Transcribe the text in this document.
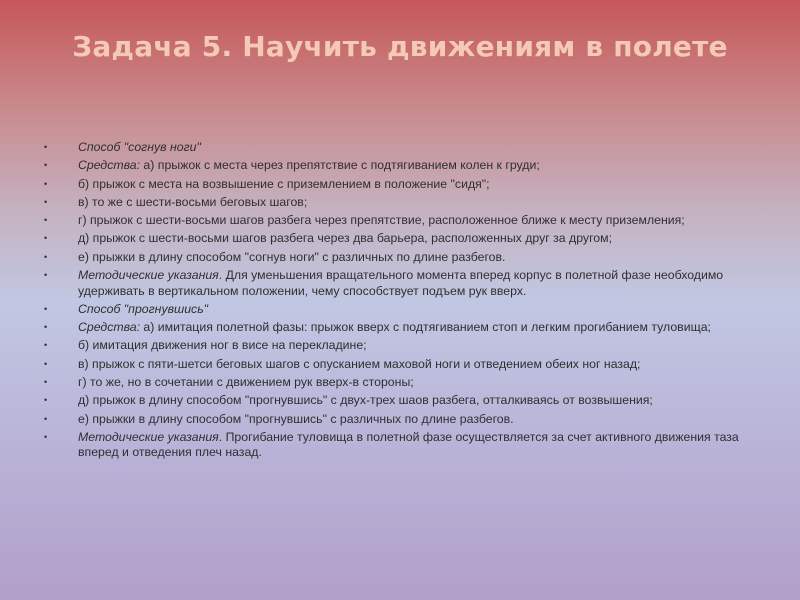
Задача 5. Научить движениям в полете
•	Способ "согнув ноги"
•	Средства: а) прыжок с места через препятствие с подтягиванием колен к груди;
•	б) прыжок с места на возвышение с приземлением в положение "сидя";
•	в) то же с шести-восьми беговых шагов;
•	г) прыжок с шести-восьми шагов разбега через препятствие, расположенное ближе к месту приземления;
•	д) прыжок с шести-восьми шагов разбега через два барьера, расположенных друг за другом;
•	е) прыжки в длину способом "согнув ноги" с различных по длине разбегов.
•	Методические указания. Для уменьшения вращательного момента вперед корпус в полетной фазе необходимо удерживать в вертикальном положении, чему способствует подъем рук вверх.
•	Способ "прогнувшись"
•	Средства: а) имитация полетной фазы: прыжок вверх с подтягиванием стоп и легким прогибанием туловища;
•	б) имитация движения ног в висе на перекладине;
•	в) прыжок с пяти-шетси беговых шагов с опусканием маховой ноги и отведением обеих ног назад;
•	г) то же, но в сочетании с движением рук вверх-в стороны;
•	д) прыжок в длину способом "прогнувшись" с двух-трех шаов разбега, отталкиваясь от возвышения;
•	е) прыжки в длину способом "прогнувшись" с различных по длине разбегов.
•	Методические указания. Прогибание туловища в полетной фазе осуществляется за счет активного движения таза вперед и отведения плеч назад.
